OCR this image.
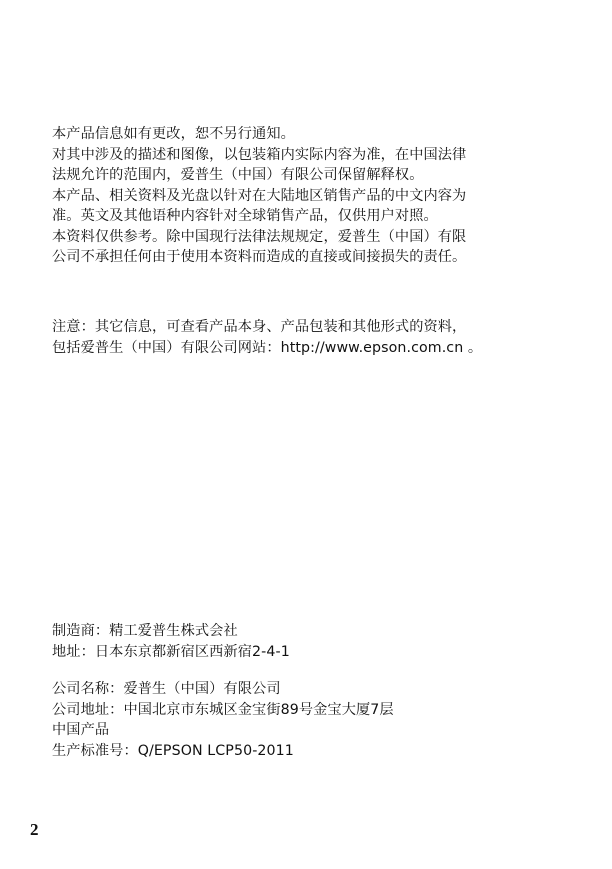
本产品信息如有更改，恕不另行通知。
对其中涉及的描述和图像，以包装箱内实际内容为准，在中国法律
法规允许的范围内，爱普生（中国）有限公司保留解释权。
本产品、相关资料及光盘以针对在大陆地区销售产品的中文内容为
准。英文及其他语种内容针对全球销售产品，仅供用户对照。
本资料仅供参考。除中国现行法律法规规定，爱普生（中国）有限
公司不承担任何由于使用本资料而造成的直接或间接损失的责任。
注意：其它信息，可查看产品本身、产品包装和其他形式的资料，
包括爱普生（中国）有限公司网站：http://www.epson.com.cn 。
制造商：精工爱普生株式会社
地址：日本东京都新宿区西新宿2-4-1
公司名称：爱普生（中国）有限公司
公司地址：中国北京市东城区金宝街89号金宝大厦7层
中国产品
生产标准号：Q/EPSON LCP50-2011
2
